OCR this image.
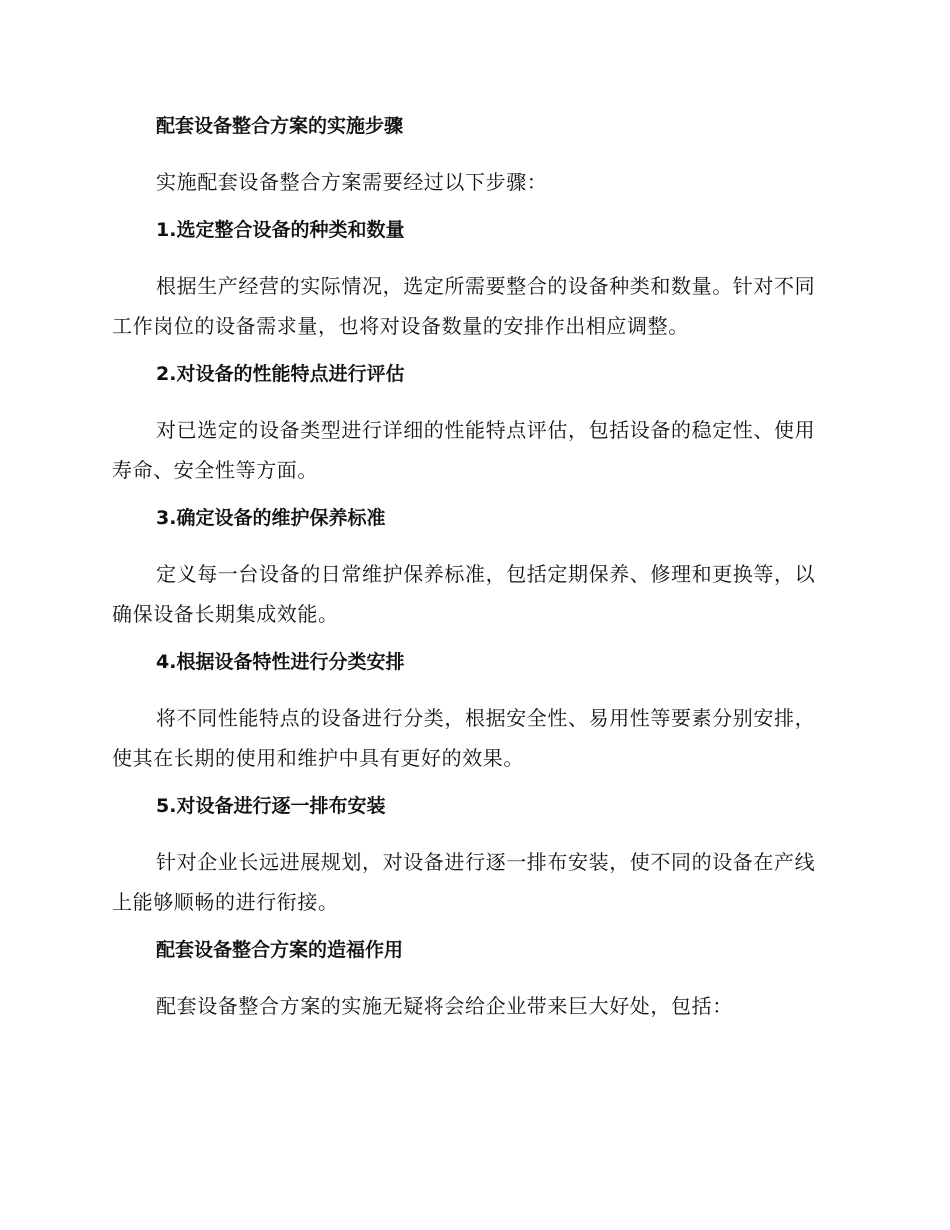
配套设备整合方案的实施步骤

实施配套设备整合方案需要经过以下步骤：

1.选定整合设备的种类和数量

根据生产经营的实际情况，选定所需要整合的设备种类和数量。针对不同工作岗位的设备需求量，也将对设备数量的安排作出相应调整。

2.对设备的性能特点进行评估

对已选定的设备类型进行详细的性能特点评估，包括设备的稳定性、使用寿命、安全性等方面。

3.确定设备的维护保养标准

定义每一台设备的日常维护保养标准，包括定期保养、修理和更换等，以确保设备长期集成效能。

4.根据设备特性进行分类安排

将不同性能特点的设备进行分类，根据安全性、易用性等要素分别安排，使其在长期的使用和维护中具有更好的效果。

5.对设备进行逐一排布安装

针对企业长远进展规划，对设备进行逐一排布安装，使不同的设备在产线上能够顺畅的进行衔接。

配套设备整合方案的造福作用

配套设备整合方案的实施无疑将会给企业带来巨大好处，包括：
